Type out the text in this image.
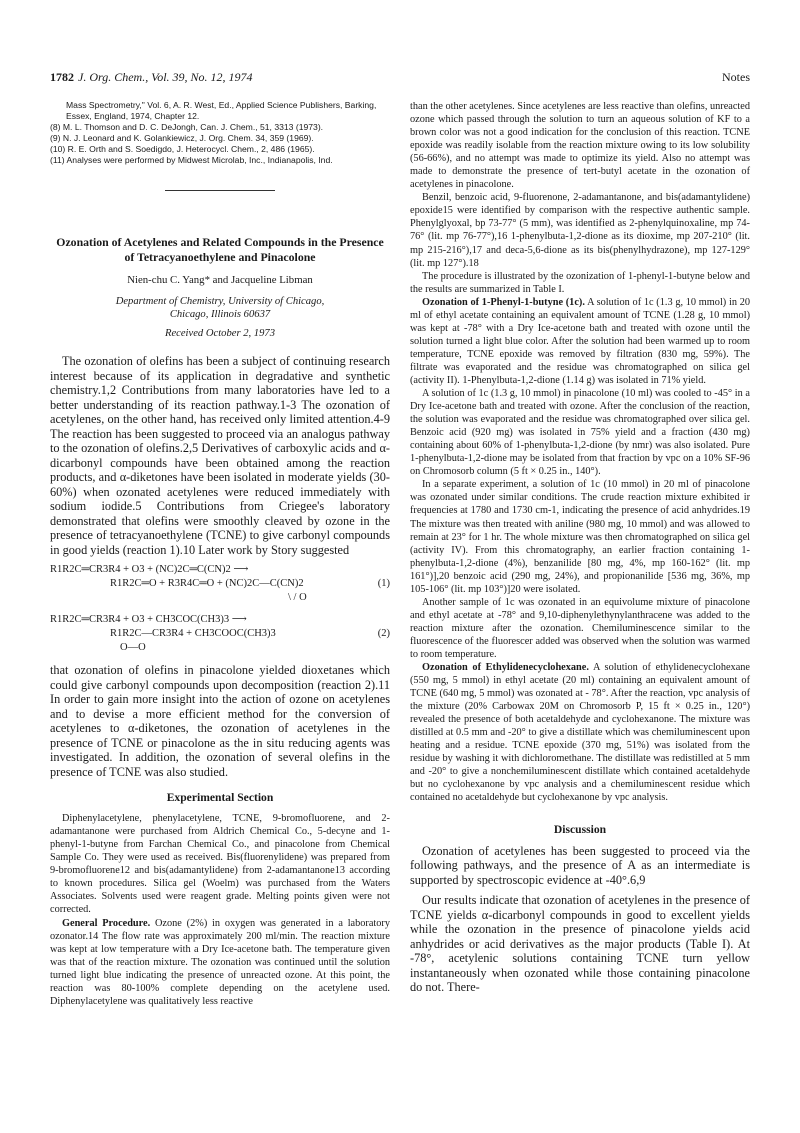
1782 J. Org. Chem., Vol. 39, No. 12, 1974	Notes
Mass Spectrometry," Vol. 6, A. R. West, Ed., Applied Science Publishers, Barking, Essex, England, 1974, Chapter 12.
(8) M. L. Thomson and D. C. DeJongh, Can. J. Chem., 51, 3313 (1973).
(9) N. J. Leonard and K. Golankiewicz, J. Org. Chem. 34, 359 (1969).
(10) R. E. Orth and S. Soedigdo, J. Heterocycl. Chem., 2, 486 (1965).
(11) Analyses were performed by Midwest Microlab, Inc., Indianapolis, Ind.
Ozonation of Acetylenes and Related Compounds in the Presence of Tetracyanoethylene and Pinacolone
Nien-chu C. Yang* and Jacqueline Libman
Department of Chemistry, University of Chicago,
Chicago, Illinois 60637
Received October 2, 1973

The ozonation of olefins has been a subject of continuing research interest because of its application in degradative and synthetic chemistry.1,2 Contributions from many laboratories have led to a better understanding of its reaction pathway.1-3 The ozonation of acetylenes, on the other hand, has received only limited attention.4-9 The reaction has been suggested to proceed via an analogus pathway to the ozonation of olefins.2,5 Derivatives of carboxylic acids and α-dicarbonyl compounds have been obtained among the reaction products, and α-diketones have been isolated in moderate yields (30-60%) when ozonated acetylenes were reduced immediately with sodium iodide.5 Contributions from Criegee's laboratory demonstrated that olefins were smoothly cleaved by ozone in the presence of tetracyanoethylene (TCNE) to give carbonyl compounds in good yields (reaction 1).10 Later work by Story suggested

R1R2C═CR3R4 + O3 + (NC)2C═C(CN)2 ⟶
R1R2C═O + R3R4C═O + (NC)2C—C(CN)2	(1)
\ / O
R1R2C═CR3R4 + O3 + CH3COC(CH3)3 ⟶
R1R2C—CR3R4 + CH3COOC(CH3)3	(2)
O—O

that ozonation of olefins in pinacolone yielded dioxetanes which could give carbonyl compounds upon decomposition (reaction 2).11 In order to gain more insight into the action of ozone on acetylenes and to devise a more efficient method for the conversion of acetylenes to α-diketones, the ozonation of acetylenes in the presence of TCNE or pinacolone as the in situ reducing agents was investigated. In addition, the ozonation of several olefins in the presence of TCNE was also studied.

Experimental Section

Diphenylacetylene, phenylacetylene, TCNE, 9-bromofluorene, and 2-adamantanone were purchased from Aldrich Chemical Co., 5-decyne and 1-phenyl-1-butyne from Farchan Chemical Co., and pinacolone from Chemical Sample Co. They were used as received. Bis(fluorenylidene) was prepared from 9-bromofluorene12 and bis(adamantylidene) from 2-adamantanone13 according to known procedures. Silica gel (Woelm) was purchased from the Waters Associates. Solvents used were reagent grade. Melting points given were not corrected.

General Procedure. Ozone (2%) in oxygen was generated in a laboratory ozonator.14 The flow rate was approximately 200 ml/min. The reaction mixture was kept at low temperature with a Dry Ice-acetone bath. The temperature given was that of the reaction mixture. The ozonation was continued until the solution turned light blue indicating the presence of unreacted ozone. At this point, the reaction was 80-100% complete depending on the acetylene used. Diphenylacetylene was qualitatively less reactive

than the other acetylenes. Since acetylenes are less reactive than olefins, unreacted ozone which passed through the solution to turn an aqueous solution of KF to a brown color was not a good indication for the conclusion of this reaction. TCNE epoxide was readily isolable from the reaction mixture owing to its low solubility (56-66%), and no attempt was made to optimize its yield. Also no attempt was made to demonstrate the presence of tert-butyl acetate in the ozonation of acetylenes in pinacolone.

Benzil, benzoic acid, 9-fluorenone, 2-adamantanone, and bis(adamantylidene) epoxide15 were identified by comparison with the respective authentic sample. Phenylglyoxal, bp 73-77° (5 mm), was identified as 2-phenylquinoxaline, mp 74-76° (lit. mp 76-77°),16 1-phenylbuta-1,2-dione as its dioxime, mp 207-210° (lit. mp 215-216°),17 and deca-5,6-dione as its bis(phenylhydrazone), mp 127-129° (lit. mp 127°).18

The procedure is illustrated by the ozonization of 1-phenyl-1-butyne below and the results are summarized in Table I.

Ozonation of 1-Phenyl-1-butyne (1c). A solution of 1c (1.3 g, 10 mmol) in 20 ml of ethyl acetate containing an equivalent amount of TCNE (1.28 g, 10 mmol) was kept at -78° with a Dry Ice-acetone bath and treated with ozone until the solution turned a light blue color. After the solution had been warmed up to room temperature, TCNE epoxide was removed by filtration (830 mg, 59%). The filtrate was evaporated and the residue was chromatographed on silica gel (activity II). 1-Phenylbuta-1,2-dione (1.14 g) was isolated in 71% yield.

A solution of 1c (1.3 g, 10 mmol) in pinacolone (10 ml) was cooled to -45° in a Dry Ice-acetone bath and treated with ozone. After the conclusion of the reaction, the solution was evaporated and the residue was chromatographed over silica gel. Benzoic acid (920 mg) was isolated in 75% yield and a fraction (430 mg) containing about 60% of 1-phenylbuta-1,2-dione (by nmr) was also isolated. Pure 1-phenylbuta-1,2-dione may be isolated from that fraction by vpc on a 10% SF-96 on Chromosorb column (5 ft × 0.25 in., 140°).

In a separate experiment, a solution of 1c (10 mmol) in 20 ml of pinacolone was ozonated under similar conditions. The crude reaction mixture exhibited ir frequencies at 1780 and 1730 cm-1, indicating the presence of acid anhydrides.19 The mixture was then treated with aniline (980 mg, 10 mmol) and was allowed to remain at 23° for 1 hr. The whole mixture was then chromatographed on silica gel (activity IV). From this chromatography, an earlier fraction containing 1-phenylbuta-1,2-dione (4%), benzanilide [80 mg, 4%, mp 160-162° (lit. mp 161°)],20 benzoic acid (290 mg, 24%), and propionanilide [536 mg, 36%, mp 105-106° (lit. mp 103°)]20 were isolated.

Another sample of 1c was ozonated in an equivolume mixture of pinacolone and ethyl acetate at -78° and 9,10-diphenylethynylanthracene was added to the reaction mixture after the ozonation. Chemiluminescence similar to the fluorescence of the fluorescer added was observed when the solution was warmed to room temperature.

Ozonation of Ethylidenecyclohexane. A solution of ethylidenecyclohexane (550 mg, 5 mmol) in ethyl acetate (20 ml) containing an equivalent amount of TCNE (640 mg, 5 mmol) was ozonated at - 78°. After the reaction, vpc analysis of the mixture (20% Carbowax 20M on Chromosorb P, 15 ft × 0.25 in., 120°) revealed the presence of both acetaldehyde and cyclohexanone. The mixture was distilled at 0.5 mm and -20° to give a distillate which was chemiluminescent upon heating and a residue. TCNE epoxide (370 mg, 51%) was isolated from the residue by washing it with dichloromethane. The distillate was redistilled at 5 mm and -20° to give a nonchemiluminescent distillate which contained acetaldehyde but no cyclohexanone by vpc analysis and a chemiluminescent residue which contained no acetaldehyde but cyclohexanone by vpc analysis.

Discussion

Ozonation of acetylenes has been suggested to proceed via the following pathways, and the presence of A as an intermediate is supported by spectroscopic evidence at -40°.6,9

Our results indicate that ozonation of acetylenes in the presence of TCNE yields α-dicarbonyl compounds in good to excellent yields while the ozonation in the presence of pinacolone yields acid anhydrides or acid derivatives as the major products (Table I). At -78°, acetylenic solutions containing TCNE turn yellow instantaneously when ozonated while those containing pinacolone do not. There-
